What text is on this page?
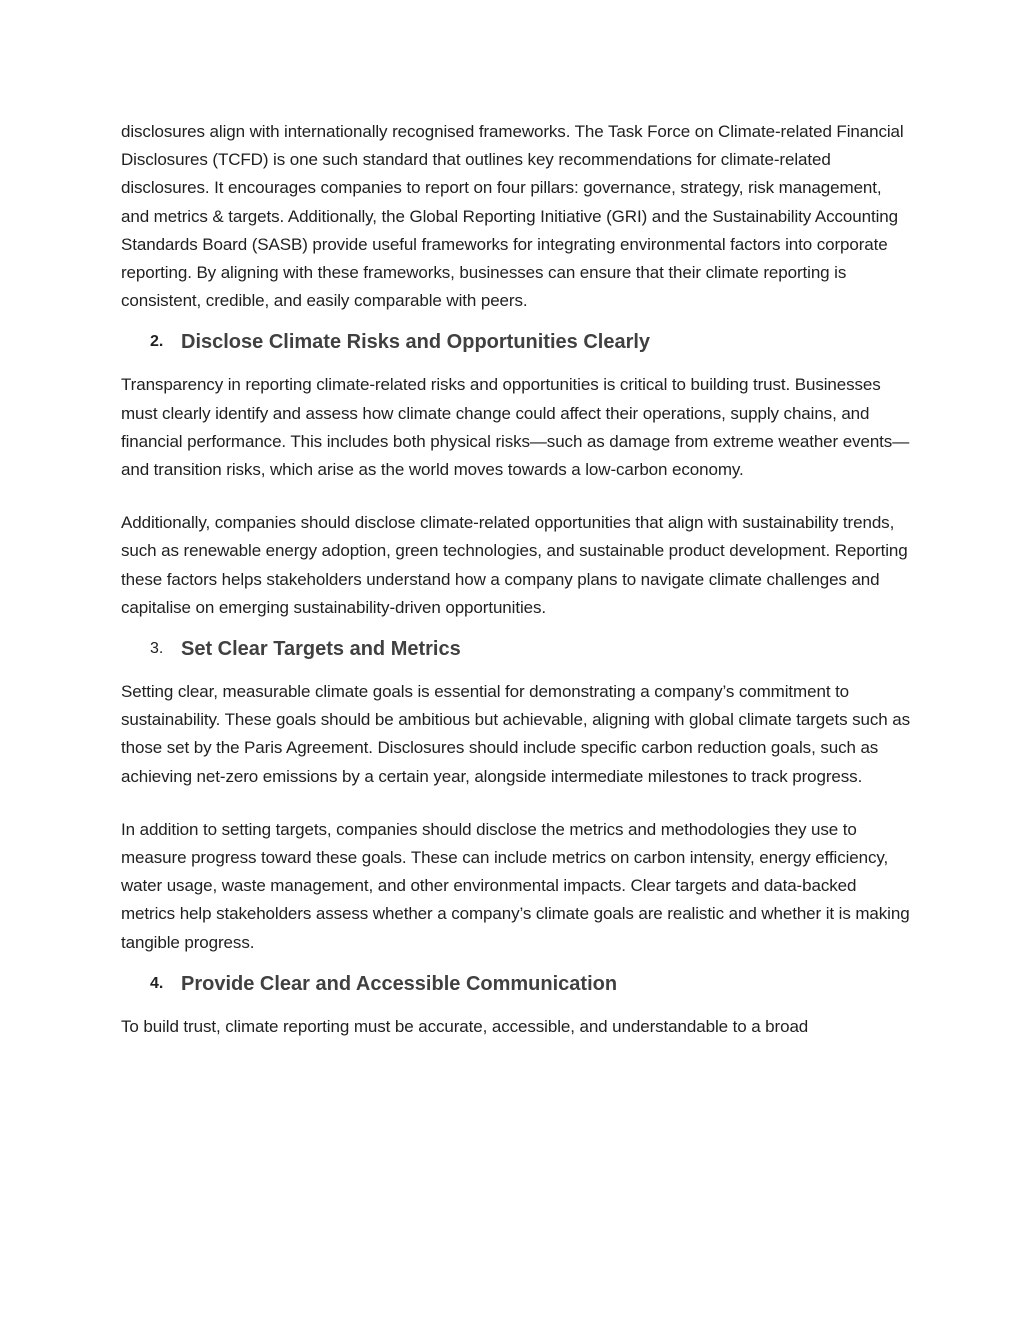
disclosures align with internationally recognised frameworks. The Task Force on Climate-related Financial Disclosures (TCFD) is one such standard that outlines key recommendations for climate-related disclosures. It encourages companies to report on four pillars: governance, strategy, risk management, and metrics & targets. Additionally, the Global Reporting Initiative (GRI) and the Sustainability Accounting Standards Board (SASB) provide useful frameworks for integrating environmental factors into corporate reporting. By aligning with these frameworks, businesses can ensure that their climate reporting is consistent, credible, and easily comparable with peers.

2. Disclose Climate Risks and Opportunities Clearly

Transparency in reporting climate-related risks and opportunities is critical to building trust. Businesses must clearly identify and assess how climate change could affect their operations, supply chains, and financial performance. This includes both physical risks—such as damage from extreme weather events—and transition risks, which arise as the world moves towards a low-carbon economy.

Additionally, companies should disclose climate-related opportunities that align with sustainability trends, such as renewable energy adoption, green technologies, and sustainable product development. Reporting these factors helps stakeholders understand how a company plans to navigate climate challenges and capitalise on emerging sustainability-driven opportunities.

3. Set Clear Targets and Metrics

Setting clear, measurable climate goals is essential for demonstrating a company’s commitment to sustainability. These goals should be ambitious but achievable, aligning with global climate targets such as those set by the Paris Agreement. Disclosures should include specific carbon reduction goals, such as achieving net-zero emissions by a certain year, alongside intermediate milestones to track progress.

In addition to setting targets, companies should disclose the metrics and methodologies they use to measure progress toward these goals. These can include metrics on carbon intensity, energy efficiency, water usage, waste management, and other environmental impacts. Clear targets and data-backed metrics help stakeholders assess whether a company’s climate goals are realistic and whether it is making tangible progress.

4. Provide Clear and Accessible Communication

To build trust, climate reporting must be accurate, accessible, and understandable to a broad
